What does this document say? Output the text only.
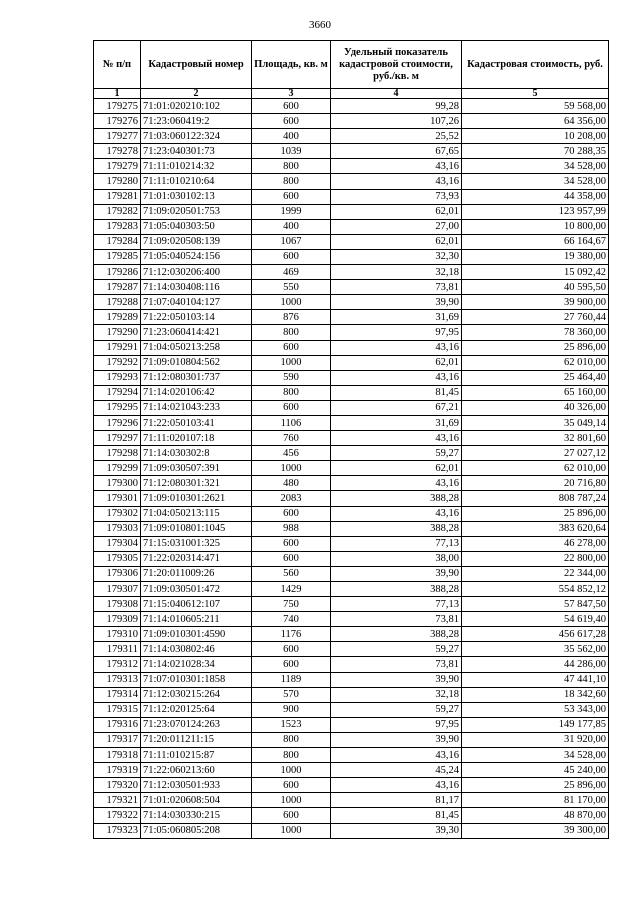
3660
№ п/п	Кадастровый номер	Площадь, кв. м	Удельный показатель кадастровой стоимости, руб./кв. м	Кадастровая стоимость, руб.
1	2	3	4	5
179275	71:01:020210:102	600	99,28	59 568,00
179276	71:23:060419:2	600	107,26	64 356,00
179277	71:03:060122:324	400	25,52	10 208,00
179278	71:23:040301:73	1039	67,65	70 288,35
179279	71:11:010214:32	800	43,16	34 528,00
179280	71:11:010210:64	800	43,16	34 528,00
179281	71:01:030102:13	600	73,93	44 358,00
179282	71:09:020501:753	1999	62,01	123 957,99
179283	71:05:040303:50	400	27,00	10 800,00
179284	71:09:020508:139	1067	62,01	66 164,67
179285	71:05:040524:156	600	32,30	19 380,00
179286	71:12:030206:400	469	32,18	15 092,42
179287	71:14:030408:116	550	73,81	40 595,50
179288	71:07:040104:127	1000	39,90	39 900,00
179289	71:22:050103:14	876	31,69	27 760,44
179290	71:23:060414:421	800	97,95	78 360,00
179291	71:04:050213:258	600	43,16	25 896,00
179292	71:09:010804:562	1000	62,01	62 010,00
179293	71:12:080301:737	590	43,16	25 464,40
179294	71:14:020106:42	800	81,45	65 160,00
179295	71:14:021043:233	600	67,21	40 326,00
179296	71:22:050103:41	1106	31,69	35 049,14
179297	71:11:020107:18	760	43,16	32 801,60
179298	71:14:030302:8	456	59,27	27 027,12
179299	71:09:030507:391	1000	62,01	62 010,00
179300	71:12:080301:321	480	43,16	20 716,80
179301	71:09:010301:2621	2083	388,28	808 787,24
179302	71:04:050213:115	600	43,16	25 896,00
179303	71:09:010801:1045	988	388,28	383 620,64
179304	71:15:031001:325	600	77,13	46 278,00
179305	71:22:020314:471	600	38,00	22 800,00
179306	71:20:011009:26	560	39,90	22 344,00
179307	71:09:030501:472	1429	388,28	554 852,12
179308	71:15:040612:107	750	77,13	57 847,50
179309	71:14:010605:211	740	73,81	54 619,40
179310	71:09:010301:4590	1176	388,28	456 617,28
179311	71:14:030802:46	600	59,27	35 562,00
179312	71:14:021028:34	600	73,81	44 286,00
179313	71:07:010301:1858	1189	39,90	47 441,10
179314	71:12:030215:264	570	32,18	18 342,60
179315	71:12:020125:64	900	59,27	53 343,00
179316	71:23:070124:263	1523	97,95	149 177,85
179317	71:20:011211:15	800	39,90	31 920,00
179318	71:11:010215:87	800	43,16	34 528,00
179319	71:22:060213:60	1000	45,24	45 240,00
179320	71:12:030501:933	600	43,16	25 896,00
179321	71:01:020608:504	1000	81,17	81 170,00
179322	71:14:030330:215	600	81,45	48 870,00
179323	71:05:060805:208	1000	39,30	39 300,00
